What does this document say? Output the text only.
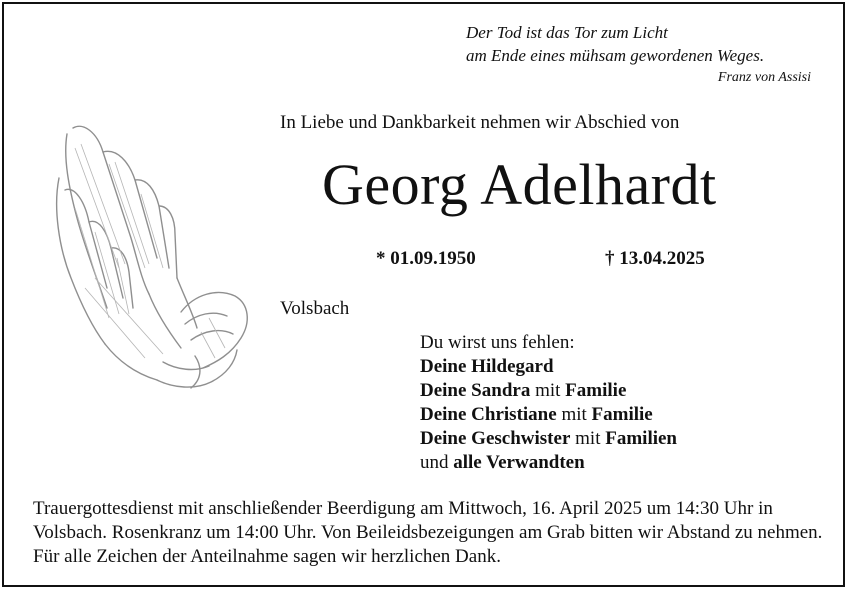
Der Tod ist das Tor zum Licht
am Ende eines mühsam gewordenen Weges.
Franz von Assisi
In Liebe und Dankbarkeit nehmen wir Abschied von
Georg Adelhardt
* 01.09.1950	† 13.04.2025
Volsbach
Du wirst uns fehlen:
Deine Hildegard
Deine Sandra mit Familie
Deine Christiane mit Familie
Deine Geschwister mit Familien
und alle Verwandten
Trauergottesdienst mit anschließender Beerdigung am Mittwoch, 16. April 2025 um 14:30 Uhr in Volsbach. Rosenkranz um 14:00 Uhr. Von Beileidsbezeigungen am Grab bitten wir Abstand zu nehmen. Für alle Zeichen der Anteilnahme sagen wir herzlichen Dank.
